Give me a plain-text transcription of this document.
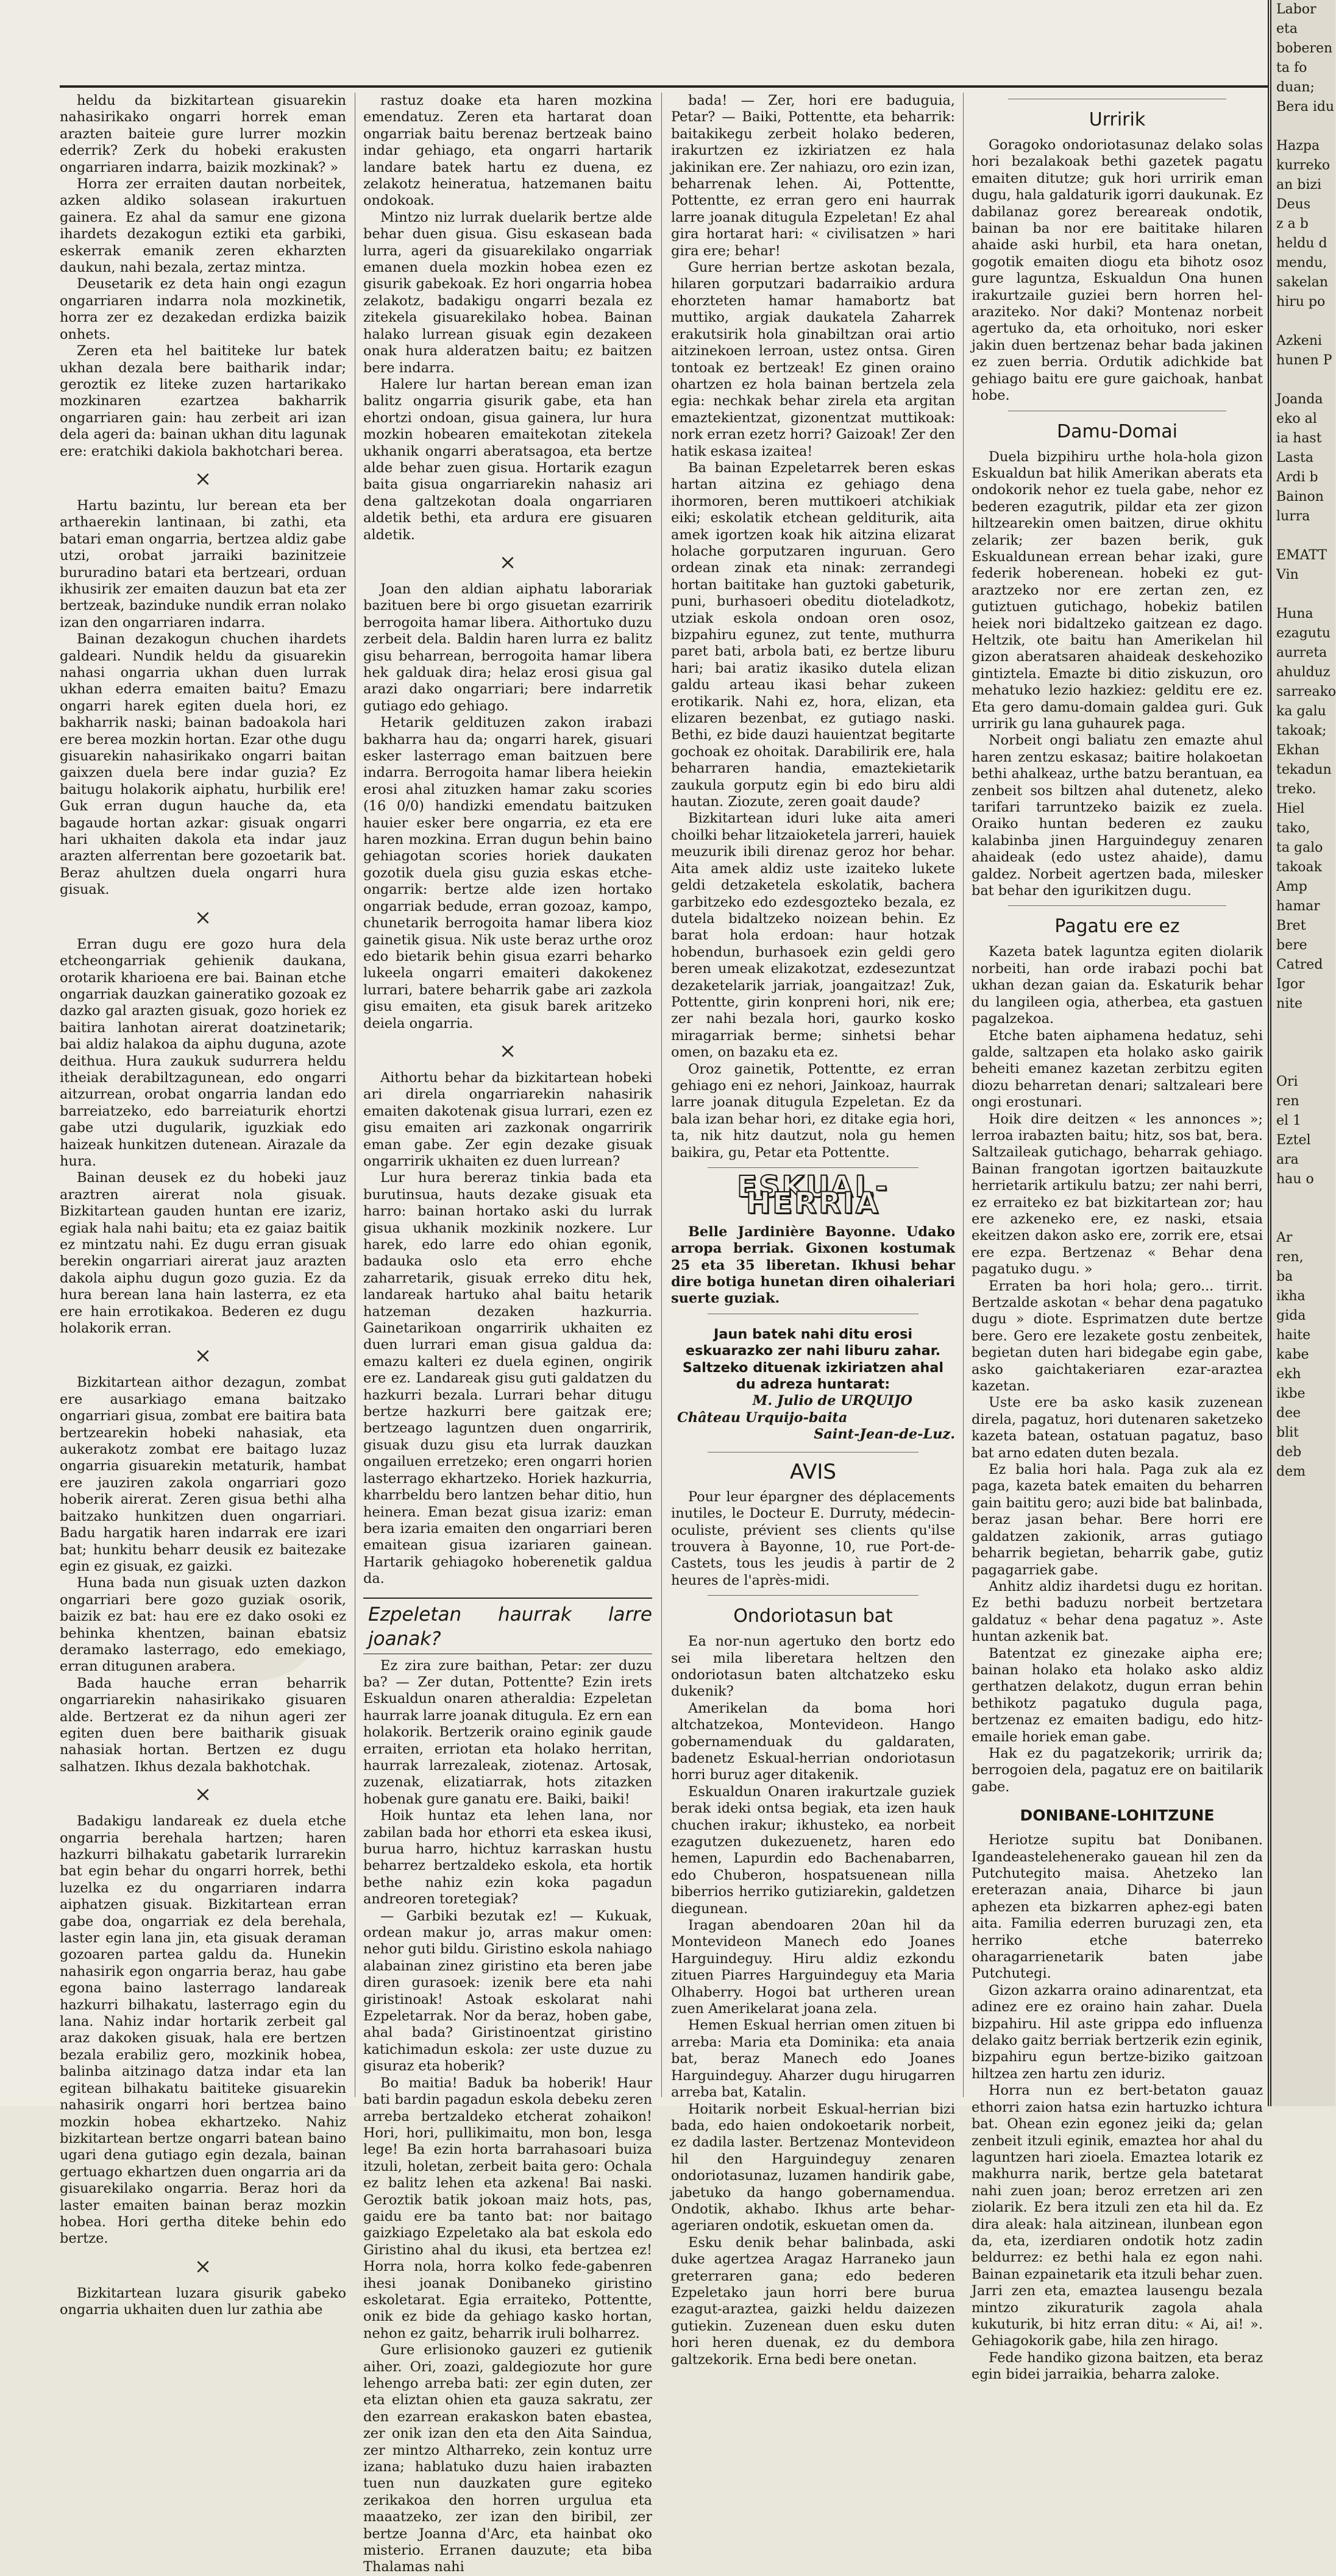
heldu da bizkitartean gisuarekin nahasirikako ongarri horrek eman arazten baiteie gure lurrer mozkin ederrik? Zerk du hobeki erakusten ongarriaren indarra, baizik mozkinak? »

Horra zer erraiten dautan norbeitek, azken aldiko solasean irakurtuen gainera. Ez ahal da samur ene gizona ihardets dezakogun eztiki eta garbiki, eskerrak emanik zeren ekharzten daukun, nahi bezala, zertaz mintza.

Deusetarik ez deta hain ongi ezagun ongarriaren indarra nola mozkinetik, horra zer ez dezakedan erdizka baizik onhets.

Zeren eta hel baititeke lur batek ukhan dezala bere baitharik indar; geroztik ez liteke zuzen hartarikako mozkinaren ezartzea bakharrik ongarriaren gain: hau zerbeit ari izan dela ageri da: bainan ukhan ditu lagunak ere: eratchiki dakiola bakhotchari berea.

×

Hartu bazintu, lur berean eta ber arthaerekin lantinaan, bi zathi, eta batari eman ongarria, bertzea aldiz gabe utzi, orobat jarraiki bazinitzeie bururadino batari eta bertzeari, orduan ikhusirik zer emaiten dauzun bat eta zer bertzeak, bazinduke nundik erran nolako izan den ongarriaren indarra.

Bainan dezakogun chuchen ihardets galdeari. Nundik heldu da gisuarekin nahasi ongarria ukhan duen lurrak ukhan ederra emaiten baitu? Emazu ongarri harek egiten duela hori, ez bakharrik naski; bainan badoakola hari ere berea mozkin hortan. Ezar othe dugu gisuarekin nahasirikako ongarri baitan gaixzen duela bere indar guzia? Ez baitugu holakorik aiphatu, hurbilik ere! Guk erran dugun hauche da, eta bagaude hortan azkar: gisuak ongarri hari ukhaiten dakola eta indar jauz arazten alferrentan bere gozoetarik bat. Beraz ahultzen duela ongarri hura gisuak.

×

Erran dugu ere gozo hura dela etcheongarriak gehienik daukana, orotarik kharioena ere bai. Bainan etche ongarriak dauzkan gaineratiko gozoak ez dazko gal arazten gisuak, gozo horiek ez baitira lanhotan airerat doatzinetarik; bai aldiz halakoa da aiphu duguna, azote deithua. Hura zaukuk sudurrera heldu itheiak derabiltzagunean, edo ongarri aitzurrean, orobat ongarria landan edo barreiatzeko, edo barreiaturik ehortzi gabe utzi dugularik, iguzkiak edo haizeak hunkitzen dutenean. Airazale da hura.

Bainan deusek ez du hobeki jauz araztren airerat nola gisuak. Bizkitartean gauden huntan ere izariz, egiak hala nahi baitu; eta ez gaiaz baitik ez mintzatu nahi. Ez dugu erran gisuak berekin ongarriari airerat jauz arazten dakola aiphu dugun gozo guzia. Ez da hura berean lana hain lasterra, ez eta ere hain errotikakoa. Bederen ez dugu holakorik erran.

×

Bizkitartean aithor dezagun, zombat ere ausarkiago emana baitzako ongarriari gisua, zombat ere baitira bata bertzearekin hobeki nahasiak, eta aukerakotz zombat ere baitago luzaz ongarria gisuarekin metaturik, hambat ere jauziren zakola ongarriari gozo hoberik airerat. Zeren gisua bethi alha baitzako hunkitzen duen ongarriari. Badu hargatik haren indarrak ere izari bat; hunkitu beharr deusik ez baitezake egin ez gisuak, ez gaizki.

Huna bada nun gisuak uzten dazkon ongarriari bere gozo guziak osorik, baizik ez bat: hau ere ez dako osoki ez behinka khentzen, bainan ebatsiz deramako lasterrago, edo emekiago, erran ditugunen arabera.

Bada hauche erran beharrik ongarriarekin nahasirikako gisuaren alde. Bertzerat ez da nihun ageri zer egiten duen bere baitharik gisuak nahasiak hortan. Bertzen ez dugu salhatzen. Ikhus dezala bakhotchak.

×

Badakigu landareak ez duela etche ongarria berehala hartzen; haren hazkurri bilhakatu gabetarik lurrarekin bat egin behar du ongarri horrek, bethi luzelka ez du ongarriaren indarra aiphatzen gisuak. Bizkitartean erran gabe doa, ongarriak ez dela berehala, laster egin lana jin, eta gisuak deraman gozoaren partea galdu da. Hunekin nahasirik egon ongarria beraz, hau gabe egona baino lasterrago landareak hazkurri bilhakatu, lasterrago egin du lana. Nahiz indar hortarik zerbeit gal araz dakoken gisuak, hala ere bertzen bezala erabiliz gero, mozkinik hobea, balinba aitzinago datza indar eta lan egitean bilhakatu baititeke gisuarekin nahasirik ongarri hori bertzea baino mozkin hobea ekhartzeko. Nahiz bizkitartean bertze ongarri batean baino ugari dena gutiago egin dezala, bainan gertuago ekhartzen duen ongarria ari da gisuarekilako ongarria. Beraz hori da laster emaiten bainan beraz mozkin hobea. Hori gertha diteke behin edo bertze.

×

Bizkitartean luzara gisurik gabeko ongarria ukhaiten duen lur zathia abe

rastuz doake eta haren mozkina emendatuz. Zeren eta hartarat doan ongarriak baitu berenaz bertzeak baino indar gehiago, eta ongarri hartarik landare batek hartu ez duena, ez zelakotz heineratua, hatzemanen baitu ondokoak.

Mintzo niz lurrak duelarik bertze alde behar duen gisua. Gisu eskasean bada lurra, ageri da gisuarekilako ongarriak emanen duela mozkin hobea ezen ez gisurik gabekoak. Ez hori ongarria hobea zelakotz, badakigu ongarri bezala ez zitekela gisuarekilako hobea. Bainan halako lurrean gisuak egin dezakeen onak hura alderatzen baitu; ez baitzen bere indarra.

Halere lur hartan berean eman izan balitz ongarria gisurik gabe, eta han ehortzi ondoan, gisua gainera, lur hura mozkin hobearen emaitekotan zitekela ukhanik ongarri aberatsagoa, eta bertze alde behar zuen gisua. Hortarik ezagun baita gisua ongarriarekin nahasiz ari dena galtzekotan doala ongarriaren aldetik bethi, eta ardura ere gisuaren aldetik.

×

Joan den aldian aiphatu laborariak bazituen bere bi orgo gisuetan ezarririk berrogoita hamar libera. Aithortuko duzu zerbeit dela. Baldin haren lurra ez balitz gisu beharrean, berrogoita hamar libera hek galduak dira; helaz erosi gisua gal arazi dako ongarriari; bere indarretik gutiago edo gehiago.

Hetarik geldituzen zakon irabazi bakharra hau da; ongarri harek, gisuari esker lasterrago eman baitzuen bere indarra. Berrogoita hamar libera heiekin erosi ahal zituzken hamar zaku scories (16 0/0) handizki emendatu baitzuken hauier esker bere ongarria, ez eta ere haren mozkina. Erran dugun behin baino gehiagotan scories horiek daukaten gozotik duela gisu guzia eskas etche-ongarrik: bertze alde izen hortako ongarriak bedude, erran gozoaz, kampo, chunetarik berrogoita hamar libera kioz gainetik gisua. Nik uste beraz urthe oroz edo bietarik behin gisua ezarri beharko lukeela ongarri emaiteri dakokenez lurrari, batere beharrik gabe ari zazkola gisu emaiten, eta gisuk barek aritzeko deiela ongarria.

×

Aithortu behar da bizkitartean hobeki ari direla ongarriarekin nahasirik emaiten dakotenak gisua lurrari, ezen ez gisu emaiten ari zazkonak ongarririk eman gabe. Zer egin dezake gisuak ongarririk ukhaiten ez duen lurrean?

Lur hura bereraz tinkia bada eta burutinsua, hauts dezake gisuak eta harro: bainan hortako aski du lurrak gisua ukhanik mozkinik nozkere. Lur harek, edo larre edo ohian egonik, badauka oslo eta erro ehche zaharretarik, gisuak erreko ditu hek, landareak hartuko ahal baitu hetarik hatzeman dezaken hazkurria. Gainetarikoan ongarririk ukhaiten ez duen lurrari eman gisua galdua da: emazu kalteri ez duela eginen, ongirik ere ez. Landareak gisu guti galdatzen du hazkurri bezala. Lurrari behar ditugu bertze hazkurri bere gaitzak ere; bertzeago laguntzen duen ongarririk, gisuak duzu gisu eta lurrak dauzkan ongailuen erretzeko; eren ongarri horien lasterrago ekhartzeko. Horiek hazkurria, kharrbeldu bero lantzen behar ditio, hun heinera. Eman bezat gisua izariz: eman bera izaria emaiten den ongarriari beren emaitean gisua izariaren gainean. Hartarik gehiagoko hoberenetik galdua da.

Ezpeletan haurrak larre joanak?

Ez zira zure baithan, Petar: zer duzu ba? — Zer dutan, Pottentte? Ezin irets Eskualdun onaren atheraldia: Ezpeletan haurrak larre joanak ditugula. Ez ern ean holakorik. Bertzerik oraino eginik gaude erraiten, erriotan eta holako herritan, haurrak larrezaleak, ziotenaz. Artosak, zuzenak, elizatiarrak, hots zitazken hobenak gure ganatu ere. Baiki, baiki!

Hoik huntaz eta lehen lana, nor zabilan bada hor ethorri eta eskea ikusi, burua harro, hichtuz karraskan hustu beharrez bertzaldeko eskola, eta hortik bethe nahiz ezin koka pagadun andreoren toretegiak?

— Garbiki bezutak ez! — Kukuak, ordean makur jo, arras makur omen: nehor guti bildu. Giristino eskola nahiago alabainan zinez giristino eta beren jabe diren gurasoek: izenik bere eta nahi giristinoak! Astoak eskolarat nahi Ezpeletarrak. Nor da beraz, hoben gabe, ahal bada? Giristinoentzat giristino katichimadun eskola: zer uste duzue zu gisuraz eta hoberik?

Bo maitia! Baduk ba hoberik! Haur bati bardin pagadun eskola debeku zeren arreba bertzaldeko etcherat zohaikon! Hori, hori, pullikimaitu, mon bon, lesga lege! Ba ezin horta barrahasoari buiza itzuli, holetan, zerbeit baita gero: Ochala ez balitz lehen eta azkena! Bai naski. Geroztik batik jokoan maiz hots, pas, gaidu ere ba tanto bat: nor baitago gaizkiago Ezpeletako ala bat eskola edo Giristino ahal du ikusi, eta bertzea ez! Horra nola, horra kolko fede-gabenren ihesi joanak Donibaneko giristino eskoletarat. Egia erraiteko, Pottentte, onik ez bide da gehiago kasko hortan, nehon ez gaitz, beharrik iruli bolharrez.

Gure erlisionoko gauzeri ez gutienik aiher. Ori, zoazi, galdegiozute hor gure lehengo arreba bati: zer egin duten, zer eta eliztan ohien eta gauza sakratu, zer den ezarrean erakaskon baten ebastea, zer onik izan den eta den Aita Saindua, zer mintzo Altharreko, zein kontuz urre izana; hablatuko duzu haien irabazten tuen nun dauzkaten gure egiteko zerikakoa den horren urgulua eta maaatzeko, zer izan den biribil, zer bertze Joanna d'Arc, eta hainbat oko misterio. Erranen dauzute; eta biba Thalamas nahi

bada! — Zer, hori ere baduguia, Petar? — Baiki, Pottentte, eta beharrik: baitakikegu zerbeit holako bederen, irakurtzen ez izkiriatzen ez hala jakinikan ere. Zer nahiazu, oro ezin izan, beharrenak lehen. Ai, Pottentte, Pottentte, ez erran gero eni haurrak larre joanak ditugula Ezpeletan! Ez ahal gira hortarat hari: « civilisatzen » hari gira ere; behar!

Gure herrian bertze askotan bezala, hilaren gorputzari badarraikio ardura ehorzteten hamar hamabortz bat muttiko, argiak daukatela Zaharrek erakutsirik hola ginabiltzan orai artio aitzinekoen lerroan, ustez ontsa. Giren tontoak ez bertzeak! Ez ginen oraino ohartzen ez hola bainan bertzela zela egia: nechkak behar zirela eta argitan emaztekientzat, gizonentzat muttikoak: nork erran ezetz horri? Gaizoak! Zer den hatik eskasa izaitea!

Ba bainan Ezpeletarrek beren eskas hartan aitzina ez gehiago dena ihormoren, beren muttikoeri atchikiak eiki; eskolatik etchean gelditurik, aita amek igortzen koak hik aitzina elizarat holache gorputzaren inguruan. Gero ordean zinak eta ninak: zerrandegi hortan baititake han guztoki gabeturik, puni, burhasoeri obeditu dioteladkotz, utziak eskola ondoan oren osoz, bizpahiru egunez, zut tente, muthurra paret bati, arbola bati, ez bertze liburu hari; bai aratiz ikasiko dutela elizan galdu arteau ikasi behar zukeen erotikarik. Nahi ez, hora, elizan, eta elizaren bezenbat, ez gutiago naski. Bethi, ez bide dauzi hauientzat begitarte gochoak ez ohoitak. Darabilirik ere, hala beharraren handia, emaztekietarik zaukula gorputz egin bi edo biru aldi hautan. Ziozute, zeren goait daude?

Bizkitartean iduri luke aita ameri choilki behar litzaioketela jarreri, hauiek meuzurik ibili direnaz geroz hor behar. Aita amek aldiz uste izaiteko lukete geldi detzaketela eskolatik, bachera garbitzeko edo ezdesgozteko bezala, ez dutela bidaltzeko noizean behin. Ez barat hola erdoan: haur hotzak hobendun, burhasoek ezin geldi gero beren umeak elizakotzat, ezdesezuntzat dezaketelarik jarriak, joangaitzaz! Zuk, Pottentte, girin konpreni hori, nik ere; zer nahi bezala hori, gaurko kosko miragarriak berme; sinhetsi behar omen, on bazaku eta ez.

Oroz gainetik, Pottentte, ez erran gehiago eni ez nehori, Jainkoaz, haurrak larre joanak ditugula Ezpeletan. Ez da bala izan behar hori, ez ditake egia hori, ta, nik hitz dautzut, nola gu hemen baikira, gu, Petar eta Pottentte.

ESKUAL-HERRIA

Belle Jardinière Bayonne. Udako arropa berriak. Gixonen kostumak 25 eta 35 liberetan. Ikhusi behar dire botiga hunetan diren oihaleriari suerte guziak.

Jaun batek nahi ditu erosi eskuarazko zer nahi liburu zahar. Saltzeko dituenak izkiriatzen ahal du adreza huntarat:

M. Julio de URQUIJO

Château Urquijo-baita

Saint-Jean-de-Luz.

AVIS

Pour leur épargner des déplacements inutiles, le Docteur E. Durruty, médecin-oculiste, prévient ses clients qu'ilse trouvera à Bayonne, 10, rue Port-de-Castets, tous les jeudis à partir de 2 heures de l'après-midi.

Ondoriotasun bat

Ea nor-nun agertuko den bortz edo sei mila liberetara heltzen den ondoriotasun baten altchatzeko esku dukenik?

Amerikelan da boma hori altchatzekoa, Montevideon. Hango gobernamenduak du galdaraten, badenetz Eskual-herrian ondoriotasun horri buruz ager ditakenik.

Eskualdun Onaren irakurtzale guziek berak ideki ontsa begiak, eta izen hauk chuchen irakur; ikhusteko, ea norbeit ezagutzen dukezuenetz, haren edo hemen, Lapurdin edo Bachenabarren, edo Chuberon, hospatsuenean nilla biberrios herriko gutiziarekin, galdetzen diegunean.

Iragan abendoaren 20an hil da Montevideon Manech edo Joanes Harguindeguy. Hiru aldiz ezkondu zituen Piarres Harguindeguy eta Maria Olhaberry. Hogoi bat urtheren urean zuen Amerikelarat joana zela.

Hemen Eskual herrian omen zituen bi arreba: Maria eta Dominika: eta anaia bat, beraz Manech edo Joanes Harguindeguy. Aharzer dugu hirugarren arreba bat, Katalin.

Hoitarik norbeit Eskual-herrian bizi bada, edo haien ondokoetarik norbeit, ez dadila laster. Bertzenaz Montevideon hil den Harguindeguy zenaren ondoriotasunaz, luzamen handirik gabe, jabetuko da hango gobernamendua. Ondotik, akhabo. Ikhus arte behar-ageriaren ondotik, eskuetan omen da.

Esku denik behar balinbada, aski duke agertzea Aragaz Harraneko jaun greterraren gana; edo bederen Ezpeletako jaun horri bere burua ezagut-araztea, gaizki heldu daizezen gutiekin. Zuzenean duen esku duten hori heren duenak, ez du dembora galtzekorik. Erna bedi bere onetan.

Urririk

Goragoko ondoriotasunaz delako solas hori bezalakoak bethi gazetek pagatu emaiten ditutze; guk hori urririk eman dugu, hala galdaturik igorri daukunak. Ez dabilanaz gorez bereareak ondotik, bainan ba nor ere baititake hilaren ahaide aski hurbil, eta hara onetan, gogotik emaiten diogu eta bihotz osoz gure laguntza, Eskualdun Ona hunen irakurtzaile guziei bern horren hel-araziteko. Nor daki? Montenaz norbeit agertuko da, eta orhoituko, nori esker jakin duen bertzenaz behar bada jakinen ez zuen berria. Ordutik adichkide bat gehiago baitu ere gure gaichoak, hanbat hobe.

Damu-Domai

Duela bizpihiru urthe hola-hola gizon Eskualdun bat hilik Amerikan aberats eta ondokorik nehor ez tuela gabe, nehor ez bederen ezagutrik, pildar eta zer gizon hiltzearekin omen baitzen, dirue okhitu zelarik; zer bazen berik, guk Eskualdunean errean behar izaki, gure federik hoberenean. hobeki ez gut-araztzeko nor ere zertan zen, ez gutiztuen gutichago, hobekiz batilen heiek nori bidaltzeko gaitzean ez dago. Heltzik, ote baitu han Amerikelan hil gizon aberatsaren ahaideak deskehoziko gintiztela. Emazte bi ditio ziskuzun, oro mehatuko lezio hazkiez: gelditu ere ez. Eta gero damu-domain galdea guri. Guk urririk gu lana guhaurek paga.

Norbeit ongi baliatu zen emazte ahul haren zentzu eskasaz; baitire holakoetan bethi ahalkeaz, urthe batzu berantuan, ea zenbeit sos biltzen ahal dutenetz, aleko tarifari tarruntzeko baizik ez zuela. Oraiko huntan bederen ez zauku kalabinba jinen Harguindeguy zenaren ahaideak (edo ustez ahaide), damu galdez. Norbeit agertzen bada, milesker bat behar den igurikitzen dugu.

Pagatu ere ez

Kazeta batek laguntza egiten diolarik norbeiti, han orde irabazi pochi bat ukhan dezan gaian da. Eskaturik behar du langileen ogia, atherbea, eta gastuen pagalzekoa.

Etche baten aiphamena hedatuz, sehi galde, saltzapen eta holako asko gairik beheiti emanez kazetan zerbitzu egiten diozu beharretan denari; saltzaleari bere ongi erostunari.

Hoik dire deitzen « les annonces »; lerroa irabazten baitu; hitz, sos bat, bera. Saltzaileak gutichago, beharrak gehiago. Bainan frangotan igortzen baitauzkute herrietarik artikulu batzu; zer nahi berri, ez erraiteko ez bat bizkitartean zor; hau ere azkeneko ere, ez naski, etsaia ekeitzen dakon asko ere, zorrik ere, etsai ere ezpa. Bertzenaz « Behar dena pagatuko dugu. »

Erraten ba hori hola; gero... tirrit. Bertzalde askotan « behar dena pagatuko dugu » diote. Esprimatzen dute bertze bere. Gero ere lezakete gostu zenbeitek, begietan duten hari bidegabe egin gabe, asko gaichtakeriaren ezar-araztea kazetan.

Uste ere ba asko kasik zuzenean direla, pagatuz, hori dutenaren saketzeko kazeta batean, ostatuan pagatuz, baso bat arno edaten duten bezala.

Ez balia hori hala. Paga zuk ala ez paga, kazeta batek emaiten du beharren gain baititu gero; auzi bide bat balinbada, beraz jasan behar. Bere horri ere galdatzen zakionik, arras gutiago beharrik begietan, beharrik gabe, gutiz pagagarriek gabe.

Anhitz aldiz ihardetsi dugu ez horitan. Ez bethi baduzu norbeit bertzetara galdatuz « behar dena pagatuz ». Aste huntan azkenik bat.

Batentzat ez ginezake aipha ere; bainan holako eta holako asko aldiz gerthatzen delakotz, dugun erran behin bethikotz pagatuko dugula paga, bertzenaz ez emaiten badigu, edo hitz-emaile horiek eman gabe.

Hak ez du pagatzekorik; urririk da; berrogoien dela, pagatuz ere on baitilarik gabe.

DONIBANE-LOHITZUNE

Heriotze supitu bat Donibanen. Igandeastelehenerako gauean hil zen da Putchutegito maisa. Ahetzeko lan ereterazan anaia, Diharce bi jaun aphezen eta bizkarren aphez-egi baten aita. Familia ederren buruzagi zen, eta herriko etche baterreko oharagarrienetarik baten jabe Putchutegi.

Gizon azkarra oraino adinarentzat, eta adinez ere ez oraino hain zahar. Duela bizpahiru. Hil aste grippa edo influenza delako gaitz berriak bertzerik ezin eginik, bizpahiru egun bertze-biziko gaitzoan hiltzea zen hartu zen iduriz.

Horra nun ez bert-betaton gauaz ethorri zaion hatsa ezin hartuzko ichtura bat. Ohean ezin egonez jeiki da; gelan zenbeit itzuli eginik, emaztea hor ahal du laguntzen hari zioela. Emaztea lotarik ez makhurra narik, bertze gela batetarat nahi zuen joan; beroz erretzen ari zen ziolarik. Ez bera itzuli zen eta hil da. Ez dira aleak: hala aitzinean, ilunbean egon da, eta, izerdiaren ondotik hotz zadin beldurrez: ez bethi hala ez egon nahi. Bainan ezpainetarik eta itzuli behar zuen. Jarri zen eta, emaztea lausengu bezala mintzo zikuraturik zagola ahala kukuturik, bi hitz erran ditu: « Ai, ai! ». Gehiagokorik gabe, hila zen hirago.

Fede handiko gizona baitzen, eta beraz egin bidei jarraikia, beharra zaloke.

Labor
eta
boberen
ta fo
duan;
Bera idu
Hazpa
kurreko
an bizi
Deus
z a b
heldu d
mendu,
sakelan
hiru po
Azkeni
hunen P
Joanda
eko al
ia hast
Lasta
Ardi b
Bainon
lurra
EMATT
Vin
Huna
ezagutu
aurreta
ahulduz
sarreako
ka galu
takoak;
Ekhan
tekadun
treko.
Hiel
tako,
ta galo
takoak
Amp
hamar
Bret
bere
Catred
Igor
nite
Ori
ren
el 1
Eztel
ara
hau o
Ar
ren,
ba
ikha
gida
haite
kabe
ekh
ikbe
dee
blit
deb
dem
